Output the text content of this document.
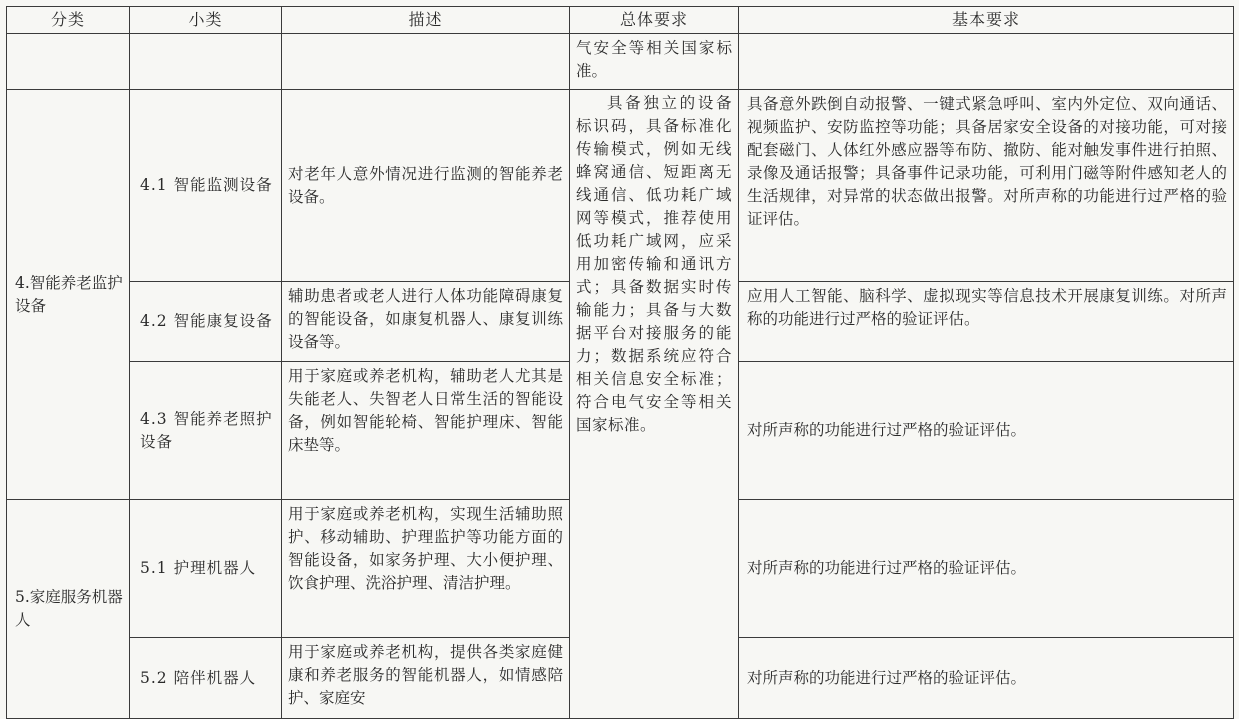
分类	小类	描述	总体要求	基本要求
			气安全等相关国家标准。	
4.智能养老监护设备	4.1 智能监测设备	对老年人意外情况进行监测的智能养老设备。	具备独立的设备标识码，具备标准化传输模式，例如无线蜂窝通信、短距离无线通信、低功耗广域网等模式，推荐使用低功耗广域网，应采用加密传输和通讯方式；具备数据实时传输能力；具备与大数据平台对接服务的能力；数据系统应符合相关信息安全标准；符合电气安全等相关国家标准。	具备意外跌倒自动报警、一键式紧急呼叫、室内外定位、双向通话、视频监护、安防监控等功能；具备居家安全设备的对接功能，可对接配套磁门、人体红外感应器等布防、撤防、能对触发事件进行拍照、录像及通话报警；具备事件记录功能，可利用门磁等附件感知老人的生活规律，对异常的状态做出报警。对所声称的功能进行过严格的验证评估。
	4.2 智能康复设备	辅助患者或老人进行人体功能障碍康复的智能设备，如康复机器人、康复训练设备等。		应用人工智能、脑科学、虚拟现实等信息技术开展康复训练。对所声称的功能进行过严格的验证评估。
	4.3 智能养老照护设备	用于家庭或养老机构，辅助老人尤其是失能老人、失智老人日常生活的智能设备，例如智能轮椅、智能护理床、智能床垫等。		对所声称的功能进行过严格的验证评估。
5.家庭服务机器人	5.1 护理机器人	用于家庭或养老机构，实现生活辅助照护、移动辅助、护理监护等功能方面的智能设备，如家务护理、大小便护理、饮食护理、洗浴护理、清洁护理。		对所声称的功能进行过严格的验证评估。
	5.2 陪伴机器人	用于家庭或养老机构，提供各类家庭健康和养老服务的智能机器人，如情感陪护、家庭安		对所声称的功能进行过严格的验证评估。
